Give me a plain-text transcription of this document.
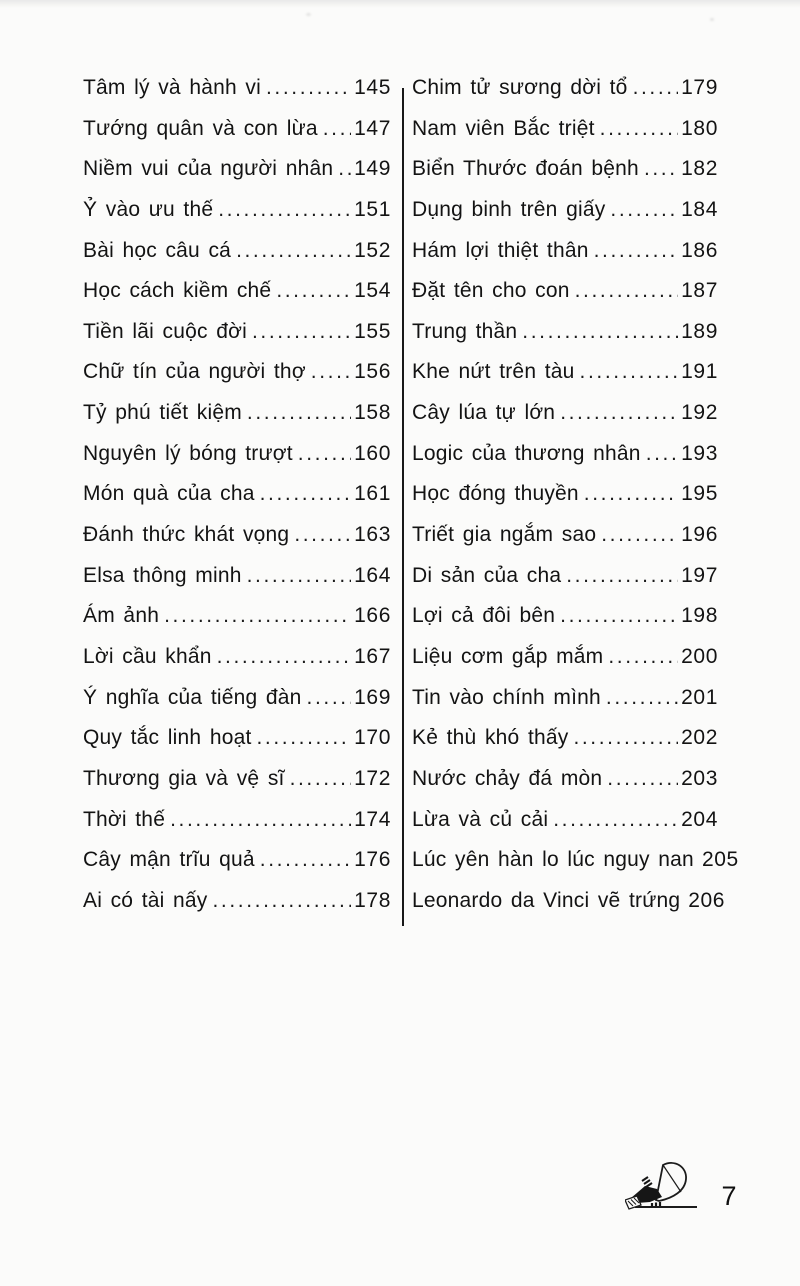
Tâm lý và hành vi .....	145
Tướng quân và con lừa ..... 147
Niềm vui của người nhân ..... 149
Ỷ vào ưu thế .....	151
Bài học câu cá .....	152
Học cách kiềm chế .....	154
Tiền lãi cuộc đời .....	155
Chữ tín của người thợ ..... 156
Tỷ phú tiết kiệm .....	158
Nguyên lý bóng trượt .....	160
Món quà của cha .....	161
Đánh thức khát vọng .....	163
Elsa thông minh .....	164
Ám ảnh .....	166
Lời cầu khẩn .....	167
Ý nghĩa của tiếng đàn .....	169
Quy tắc linh hoạt .....	170
Thương gia và vệ sĩ .....	172
Thời thế .....	174
Cây mận trĩu quả .....	176
Ai có tài nấy .....	178
Chim tử sương dời tổ .....	179
Nam viên Bắc triệt .....	180
Biển Thước đoán bệnh ..... 182
Dụng binh trên giấy .....	184
Hám lợi thiệt thân .....	186
Đặt tên cho con .....	187
Trung thần .....	189
Khe nứt trên tàu .....	191
Cây lúa tự lớn .....	192
Logic của thương nhân ..... 193
Học đóng thuyền .....	195
Triết gia ngắm sao .....	196
Di sản của cha .....	197
Lợi cả đôi bên .....	198
Liệu cơm gắp mắm .....	200
Tin vào chính mình .....	201
Kẻ thù khó thấy .....	202
Nước chảy đá mòn .....	203
Lừa và củ cải .....	204
Lúc yên hàn lo lúc nguy nan 205
Leonardo da Vinci vẽ trứng 206
7
